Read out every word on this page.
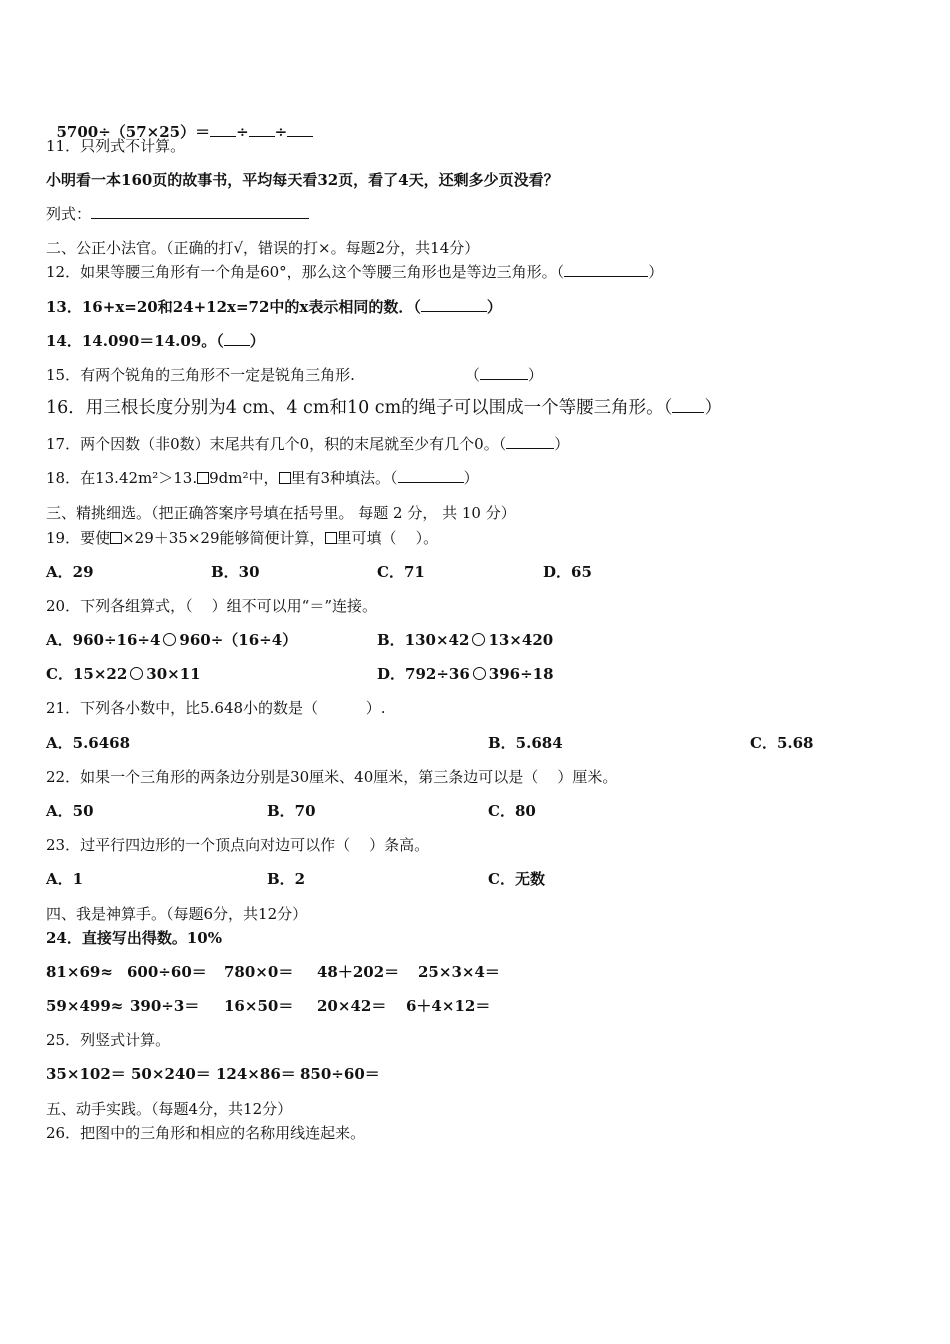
5700÷（57×25）＝ ÷ ÷

11．只列式不计算。
小明看一本160页的故事书，平均每天看32页，看了4天，还剩多少页没看？
列式：
二、公正小法官。（正确的打√，错误的打×。每题2分，共14分）
12．如果等腰三角形有一个角是60°，那么这个等腰三角形也是等边三角形。（	）
13．16+x=20和24+12x=72中的x表示相同的数．（	）
14．14.090＝14.09。（ ）
15．有两个锐角的三角形不一定是锐角三角形.	（	）
16．用三根长度分别为4 cm、4 cm和10 cm的绳子可以围成一个等腰三角形。（ ）
17．两个因数（非0数）末尾共有几个0，积的末尾就至少有几个0。（	）
18．在13.42m²＞13. 9dm²中， 里有3种填法。（	）
三、精挑细选。（把正确答案序号填在括号里。 每题 2 分， 共 10 分）
19．要使 ×29＋35×29能够简便计算， 里可填（    ）。
A．29	B．30	C．71	D．65
20．下列各组算式，（    ）组不可以用“＝”连接。
A．960÷16÷4 960÷（16÷4）	B．130×42 13×420
C．15×22 30×11	D．792÷36 396÷18
21．下列各小数中，比5.648小的数是（          ）.
A．5.6468	B．5.684	C．5.68
22．如果一个三角形的两条边分别是30厘米、40厘米，第三条边可以是（    ）厘米。
A．50	B．70	C．80
23．过平行四边形的一个顶点向对边可以作（    ）条高。
A．1	B．2	C．无数
四、我是神算手。（每题6分，共12分）
24．直接写出得数。10%
81×69≈ 600÷60＝ 780×0＝ 48＋202＝ 25×3×4＝
59×499≈ 390÷3＝ 16×50＝ 20×42＝ 6＋4×12＝
25．列竖式计算。
35×102＝ 50×240＝ 124×86＝ 850÷60＝
五、动手实践。（每题4分，共12分）
26．把图中的三角形和相应的名称用线连起来。
